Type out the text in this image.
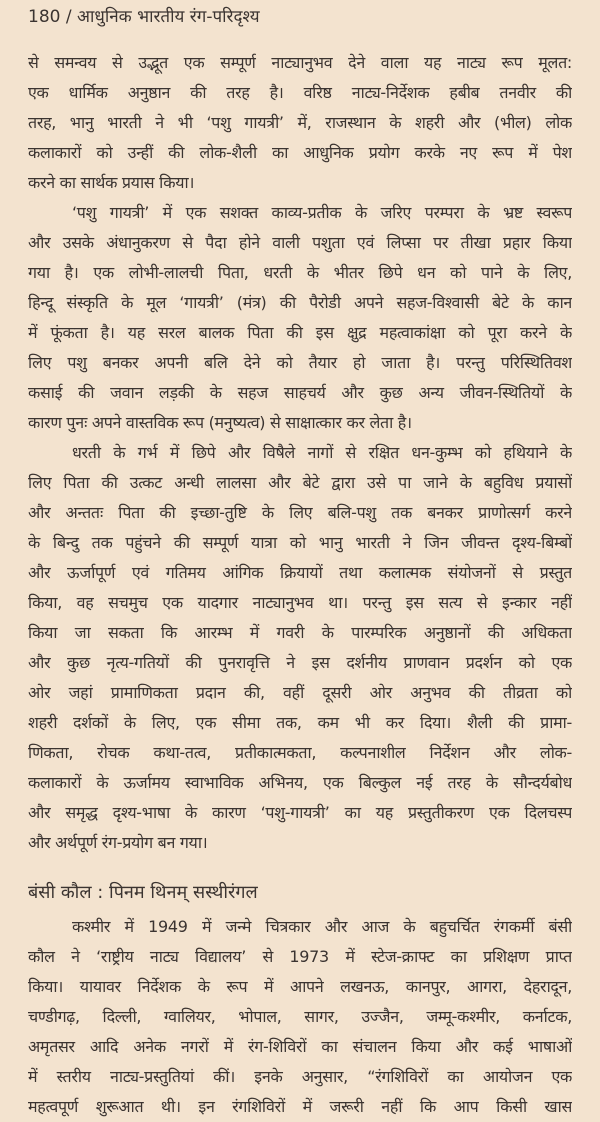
180 / आधुनिक भारतीय रंग-परिदृश्य
से समन्वय से उद्भूत एक सम्पूर्ण नाट्यानुभव देने वाला यह नाट्य रूप मूलत:
एक धार्मिक अनुष्ठान की तरह है। वरिष्ठ नाट्य-निर्देशक हबीब तनवीर की
तरह, भानु भारती ने भी ‘पशु गायत्री’ में, राजस्थान के शहरी और (भील) लोक
कलाकारों को उन्हीं की लोक-शैली का आधुनिक प्रयोग करके नए रूप में पेश
करने का सार्थक प्रयास किया।
‘पशु गायत्री’ में एक सशक्त काव्य-प्रतीक के जरिए परम्परा के भ्रष्ट स्वरूप
और उसके अंधानुकरण से पैदा होने वाली पशुता एवं लिप्सा पर तीखा प्रहार किया
गया है। एक लोभी-लालची पिता, धरती के भीतर छिपे धन को पाने के लिए,
हिन्दू संस्कृति के मूल ‘गायत्री’ (मंत्र) की पैरोडी अपने सहज-विश्वासी बेटे के कान
में फूंकता है। यह सरल बालक पिता की इस क्षुद्र महत्वाकांक्षा को पूरा करने के
लिए पशु बनकर अपनी बलि देने को तैयार हो जाता है। परन्तु परिस्थितिवश
कसाई की जवान लड़की के सहज साहचर्य और कुछ अन्य जीवन-स्थितियों के
कारण पुनः अपने वास्तविक रूप (मनुष्यत्व) से साक्षात्कार कर लेता है।
धरती के गर्भ में छिपे और विषैले नागों से रक्षित धन-कुम्भ को हथियाने के
लिए पिता की उत्कट अन्धी लालसा और बेटे द्वारा उसे पा जाने के बहुविध प्रयासों
और अन्ततः पिता की इच्छा-तुष्टि के लिए बलि-पशु तक बनकर प्राणोत्सर्ग करने
के बिन्दु तक पहुंचने की सम्पूर्ण यात्रा को भानु भारती ने जिन जीवन्त दृश्य-बिम्बों
और ऊर्जापूर्ण एवं गतिमय आंगिक क्रियायों तथा कलात्मक संयोजनों से प्रस्तुत
किया, वह सचमुच एक यादगार नाट्यानुभव था। परन्तु इस सत्य से इन्कार नहीं
किया जा सकता कि आरम्भ में गवरी के पारम्परिक अनुष्ठानों की अधिकता
और कुछ नृत्य-गतियों की पुनरावृत्ति ने इस दर्शनीय प्राणवान प्रदर्शन को एक
ओर जहां प्रामाणिकता प्रदान की, वहीं दूसरी ओर अनुभव की तीव्रता को
शहरी दर्शकों के लिए, एक सीमा तक, कम भी कर दिया। शैली की प्रामा-
णिकता, रोचक कथा-तत्व, प्रतीकात्मकता, कल्पनाशील निर्देशन और लोक-
कलाकारों के ऊर्जामय स्वाभाविक अभिनय, एक बिल्कुल नई तरह के सौन्दर्यबोध
और समृद्ध दृश्य-भाषा के कारण ‘पशु-गायत्री’ का यह प्रस्तुतीकरण एक दिलचस्प
और अर्थपूर्ण रंग-प्रयोग बन गया।
बंसी कौल : पिनम थिनम् सस्थीरंगल
कश्मीर में 1949 में जन्मे चित्रकार और आज के बहुचर्चित रंगकर्मी बंसी
कौल ने ‘राष्ट्रीय नाट्य विद्यालय’ से 1973 में स्टेज-क्राफ्ट का प्रशिक्षण प्राप्त
किया। यायावर निर्देशक के रूप में आपने लखनऊ, कानपुर, आगरा, देहरादून,
चण्डीगढ़, दिल्ली, ग्वालियर, भोपाल, सागर, उज्जैन, जम्मू-कश्मीर, कर्नाटक,
अमृतसर आदि अनेक नगरों में रंग-शिविरों का संचालन किया और कई भाषाओं
में स्तरीय नाट्य-प्रस्तुतियां कीं। इनके अनुसार, “रंगशिविरों का आयोजन एक
महत्वपूर्ण शुरूआत थी। इन रंगशिविरों में जरूरी नहीं कि आप किसी खास
